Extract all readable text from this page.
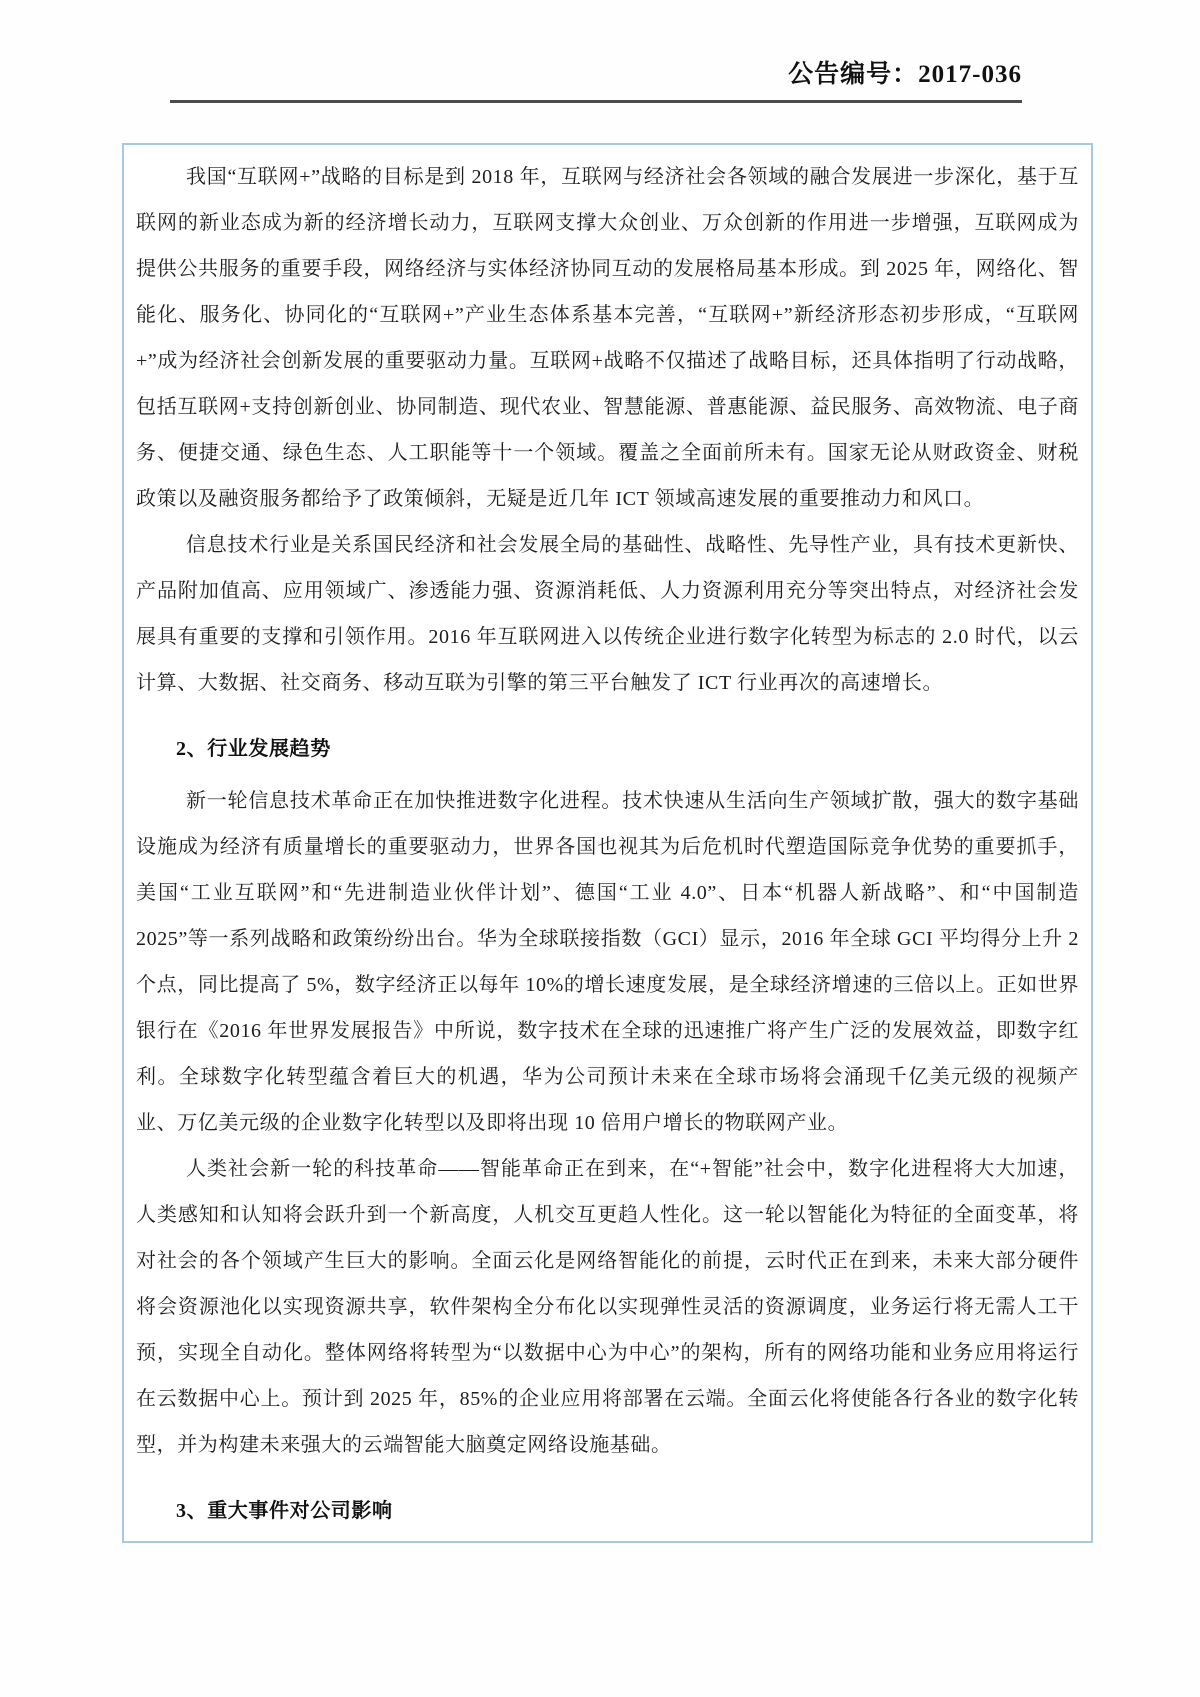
公告编号：2017-036
我国“互联网+”战略的目标是到 2018 年，互联网与经济社会各领域的融合发展进一步深化，基于互联网的新业态成为新的经济增长动力，互联网支撑大众创业、万众创新的作用进一步增强，互联网成为提供公共服务的重要手段，网络经济与实体经济协同互动的发展格局基本形成。到 2025 年，网络化、智能化、服务化、协同化的“互联网+”产业生态体系基本完善，“互联网+”新经济形态初步形成，“互联网+”成为经济社会创新发展的重要驱动力量。互联网+战略不仅描述了战略目标，还具体指明了行动战略，包括互联网+支持创新创业、协同制造、现代农业、智慧能源、普惠能源、益民服务、高效物流、电子商务、便捷交通、绿色生态、人工职能等十一个领域。覆盖之全面前所未有。国家无论从财政资金、财税政策以及融资服务都给予了政策倾斜，无疑是近几年 ICT 领域高速发展的重要推动力和风口。
信息技术行业是关系国民经济和社会发展全局的基础性、战略性、先导性产业，具有技术更新快、产品附加值高、应用领域广、渗透能力强、资源消耗低、人力资源利用充分等突出特点，对经济社会发展具有重要的支撑和引领作用。2016 年互联网进入以传统企业进行数字化转型为标志的 2.0 时代，以云计算、大数据、社交商务、移动互联为引擎的第三平台触发了 ICT 行业再次的高速增长。
2、行业发展趋势
新一轮信息技术革命正在加快推进数字化进程。技术快速从生活向生产领域扩散，强大的数字基础设施成为经济有质量增长的重要驱动力，世界各国也视其为后危机时代塑造国际竞争优势的重要抓手，美国“工业互联网”和“先进制造业伙伴计划”、德国“工业 4.0”、日本“机器人新战略”、和“中国制造 2025”等一系列战略和政策纷纷出台。华为全球联接指数（GCI）显示，2016 年全球 GCI 平均得分上升 2 个点，同比提高了 5%，数字经济正以每年 10%的增长速度发展，是全球经济增速的三倍以上。正如世界银行在《2016 年世界发展报告》中所说，数字技术在全球的迅速推广将产生广泛的发展效益，即数字红利。全球数字化转型蕴含着巨大的机遇，华为公司预计未来在全球市场将会涌现千亿美元级的视频产业、万亿美元级的企业数字化转型以及即将出现 10 倍用户增长的物联网产业。
人类社会新一轮的科技革命——智能革命正在到来，在“+智能”社会中，数字化进程将大大加速，人类感知和认知将会跃升到一个新高度，人机交互更趋人性化。这一轮以智能化为特征的全面变革，将对社会的各个领域产生巨大的影响。全面云化是网络智能化的前提，云时代正在到来，未来大部分硬件将会资源池化以实现资源共享，软件架构全分布化以实现弹性灵活的资源调度，业务运行将无需人工干预，实现全自动化。整体网络将转型为“以数据中心为中心”的架构，所有的网络功能和业务应用将运行在云数据中心上。预计到 2025 年，85%的企业应用将部署在云端。全面云化将使能各行各业的数字化转型，并为构建未来强大的云端智能大脑奠定网络设施基础。
3、重大事件对公司影响
